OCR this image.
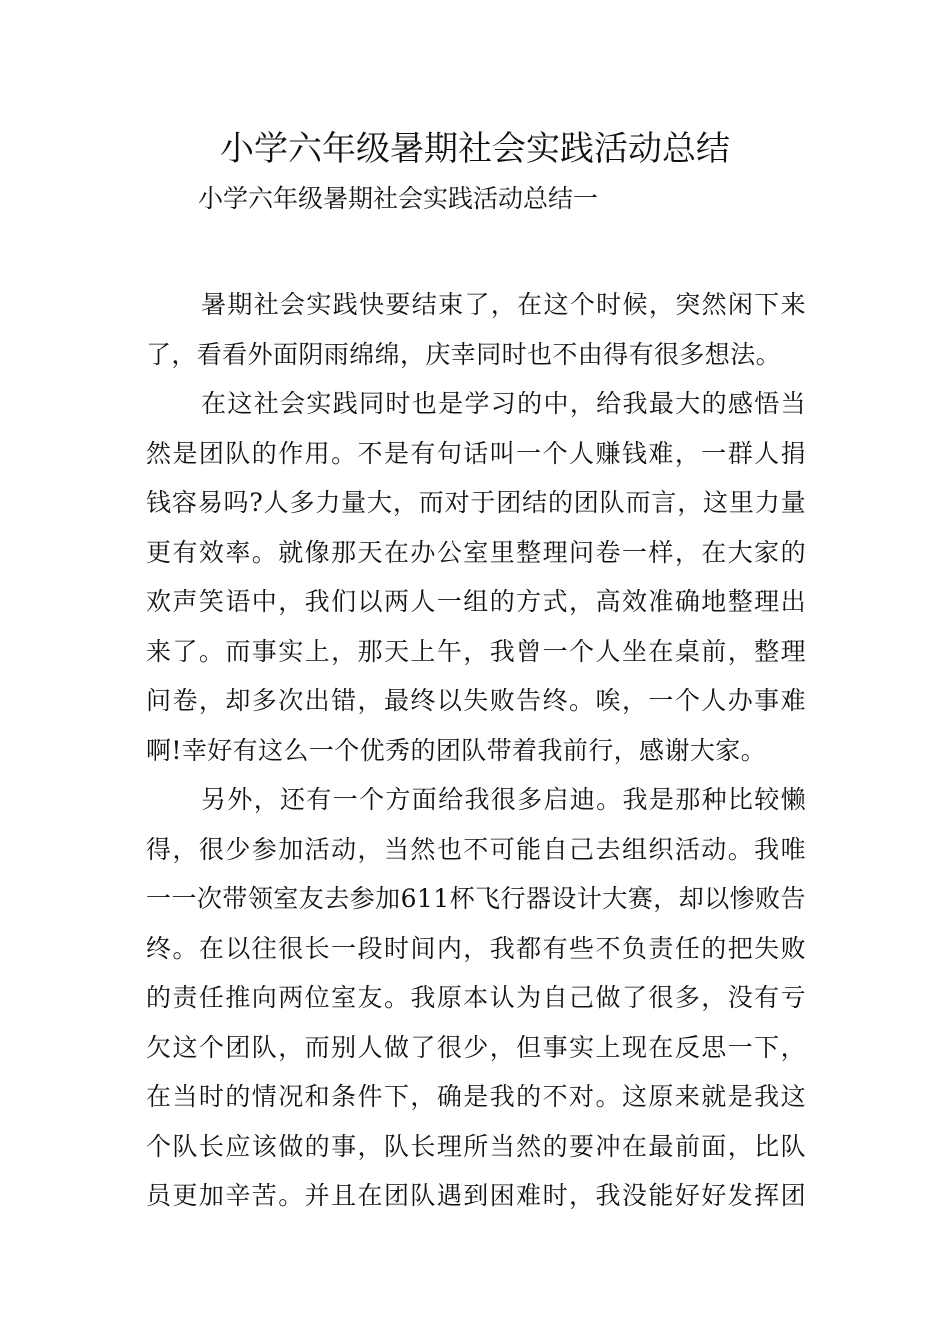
小学六年级暑期社会实践活动总结

小学六年级暑期社会实践活动总结一

暑期社会实践快要结束了，在这个时候，突然闲下来
了，看看外面阴雨绵绵，庆幸同时也不由得有很多想法。

在这社会实践同时也是学习的中，给我最大的感悟当
然是团队的作用。不是有句话叫一个人赚钱难，一群人捐
钱容易吗?人多力量大，而对于团结的团队而言，这里力量
更有效率。就像那天在办公室里整理问卷一样，在大家的
欢声笑语中，我们以两人一组的方式，高效准确地整理出
来了。而事实上，那天上午，我曾一个人坐在桌前，整理
问卷，却多次出错，最终以失败告终。唉，一个人办事难
啊!幸好有这么一个优秀的团队带着我前行，感谢大家。

另外，还有一个方面给我很多启迪。我是那种比较懒
得，很少参加活动，当然也不可能自己去组织活动。我唯
一一次带领室友去参加611杯飞行器设计大赛，却以惨败告
终。在以往很长一段时间内，我都有些不负责任的把失败
的责任推向两位室友。我原本认为自己做了很多，没有亏
欠这个团队，而别人做了很少，但事实上现在反思一下，
在当时的情况和条件下，确是我的不对。这原来就是我这
个队长应该做的事，队长理所当然的要冲在最前面，比队
员更加辛苦。并且在团队遇到困难时，我没能好好发挥团
